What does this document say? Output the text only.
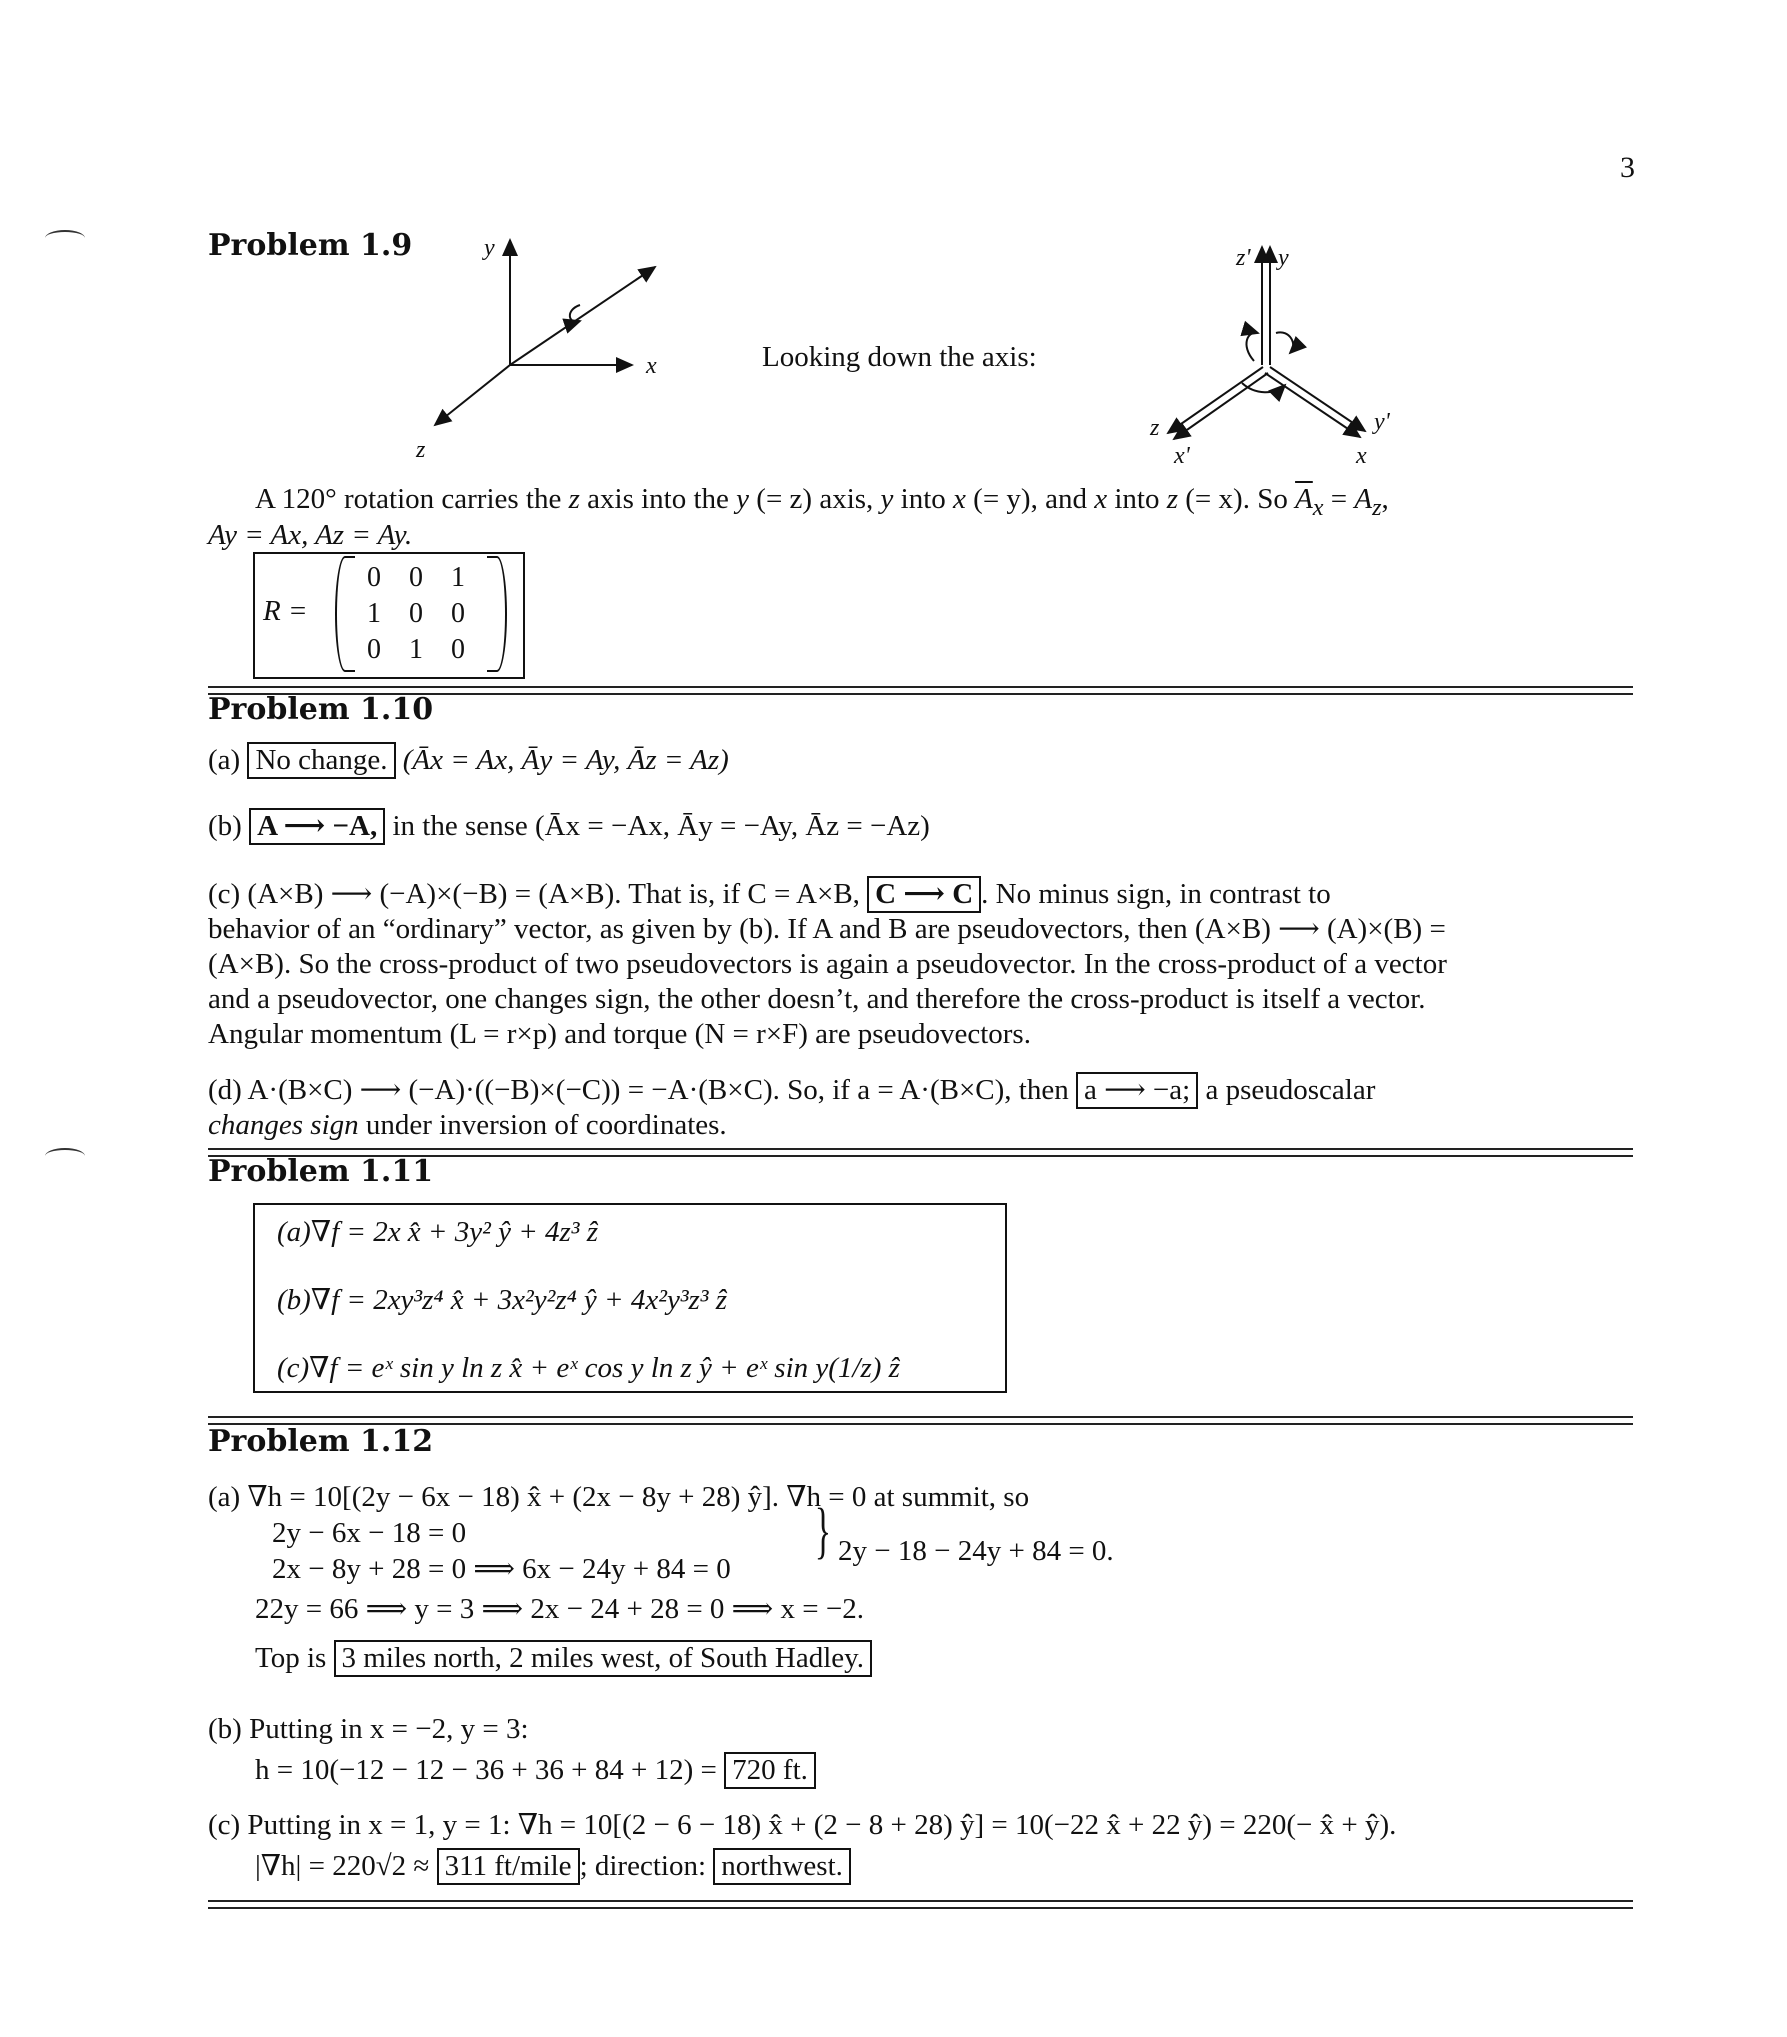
3
Problem 1.9	y
x
z
Looking down the axis:
z' y
z
x'
y'
x
A 120° rotation carries the z axis into the y (= z) axis, y into x (= y), and x into z (= x). So $\overline{A}_x = A_z$,
Ay = Ax, Az = Ay.
R =
0	0	1
1	0	0
0	1	0
Problem 1.10
(a) No change. (Āx = Ax, Āy = Ay, Āz = Az)
(b) A ⟶ −A, in the sense (Āx = −Ax, Āy = −Ay, Āz = −Az)
(c) (A×B) ⟶ (−A)×(−B) = (A×B). That is, if C = A×B, C ⟶ C . No minus sign, in contrast to
behavior of an “ordinary” vector, as given by (b). If A and B are pseudovectors, then (A×B) ⟶ (A)×(B) =
(A×B). So the cross-product of two pseudovectors is again a pseudovector. In the cross-product of a vector
and a pseudovector, one changes sign, the other doesn’t, and therefore the cross-product is itself a vector.
Angular momentum (L = r×p) and torque (N = r×F) are pseudovectors.
(d) A·(B×C) ⟶ (−A)·((−B)×(−C)) = −A·(B×C). So, if a = A·(B×C), then a ⟶ −a; a pseudoscalar
changes sign under inversion of coordinates.
Problem 1.11
(a)∇f = 2x x̂ + 3y² ŷ + 4z³ ẑ
(b)∇f = 2xy³z⁴ x̂ + 3x²y²z⁴ ŷ + 4x²y³z³ ẑ
(c)∇f = eˣ sin y ln z x̂ + eˣ cos y ln z ŷ + eˣ sin y(1/z) ẑ
Problem 1.12
(a) ∇h = 10[(2y − 6x − 18) x̂ + (2x − 8y + 28) ŷ]. ∇h = 0 at summit, so
2y − 6x − 18 = 0
2x − 8y + 28 = 0 ⟹ 6x − 24y + 84 = 0
} 2y − 18 − 24y + 84 = 0.
22y = 66 ⟹ y = 3 ⟹ 2x − 24 + 28 = 0 ⟹ x = −2.
Top is 3 miles north, 2 miles west, of South Hadley.
(b) Putting in x = −2, y = 3:
h = 10(−12 − 12 − 36 + 36 + 84 + 12) = 720 ft.
(c) Putting in x = 1, y = 1: ∇h = 10[(2 − 6 − 18) x̂ + (2 − 8 + 28) ŷ] = 10(−22 x̂ + 22 ŷ) = 220(− x̂ + ŷ).
|∇h| = 220√2 ≈ 311 ft/mile ; direction: northwest.
